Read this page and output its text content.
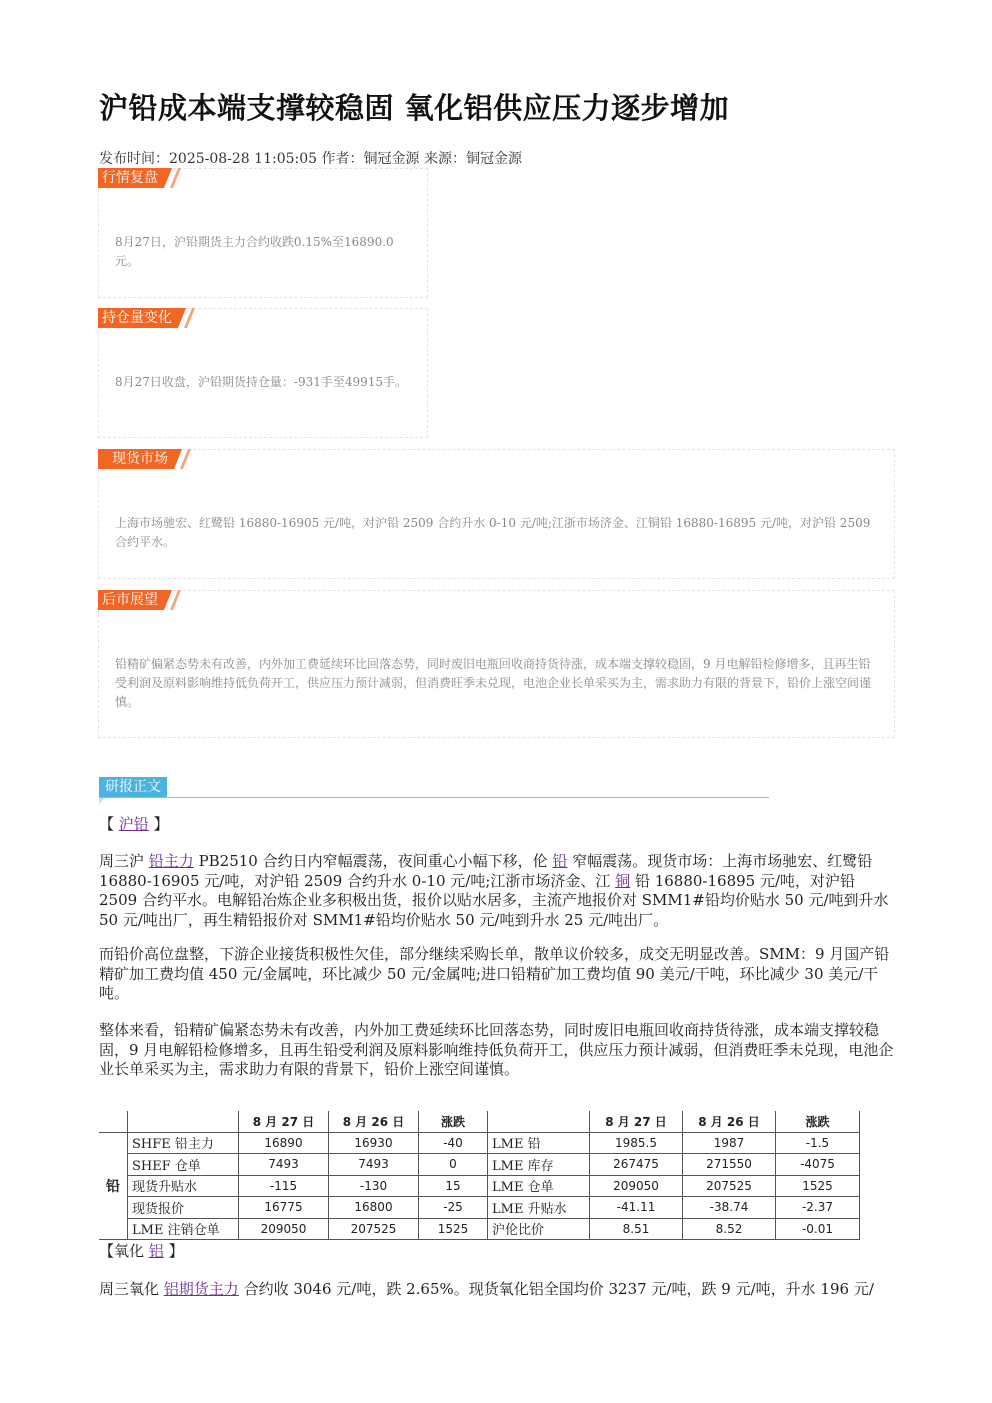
沪铅成本端支撑较稳固 氧化铝供应压力逐步增加
发布时间：2025-08-28 11:05:05 作者：铜冠金源 来源：铜冠金源
行情复盘
8月27日，沪铅期货主力合约收跌0.15%至16890.0元。
持仓量变化
8月27日收盘，沪铅期货持仓量：-931手至49915手。
现货市场
上海市场驰宏、红鹭铅 16880-16905 元/吨，对沪铅 2509 合约升水 0-10 元/吨;江浙市场济金、江铜铅 16880-16895 元/吨，对沪铅 2509 合约平水。
后市展望
铅精矿偏紧态势未有改善，内外加工费延续环比回落态势，同时废旧电瓶回收商持货待涨，成本端支撑较稳固，9 月电解铅检修增多，且再生铅受利润及原料影响维持低负荷开工，供应压力预计减弱，但消费旺季未兑现，电池企业长单采买为主，需求助力有限的背景下，铅价上涨空间谨慎。
研报正文
【 沪铅 】
周三沪 铅主力 PB2510 合约日内窄幅震荡，夜间重心小幅下移，伦 铅 窄幅震荡。现货市场：上海市场驰宏、红鹭铅 16880-16905 元/吨，对沪铅 2509 合约升水 0-10 元/吨;江浙市场济金、江 铜 铅 16880-16895 元/吨，对沪铅 2509 合约平水。电解铅冶炼企业多积极出货，报价以贴水居多，主流产地报价对 SMM1#铅均价贴水 50 元/吨到升水 50 元/吨出厂，再生精铅报价对 SMM1#铅均价贴水 50 元/吨到升水 25 元/吨出厂。
而铅价高位盘整，下游企业接货积极性欠佳，部分继续采购长单，散单议价较多，成交无明显改善。SMM：9 月国产铅精矿加工费均值 450 元/金属吨，环比减少 50 元/金属吨;进口铅精矿加工费均值 90 美元/干吨，环比减少 30 美元/干吨。
整体来看，铅精矿偏紧态势未有改善，内外加工费延续环比回落态势，同时废旧电瓶回收商持货待涨，成本端支撑较稳固，9 月电解铅检修增多，且再生铅受利润及原料影响维持低负荷开工，供应压力预计减弱，但消费旺季未兑现，电池企业长单采买为主，需求助力有限的背景下，铅价上涨空间谨慎。
		8 月 27 日	8 月 26 日	涨跌		8 月 27 日	8 月 26 日	涨跌
铅	SHFE 铅主力	16890	16930	-40	LME 铅	1985.5	1987	-1.5
	SHEF 仓单	7493	7493	0	LME 库存	267475	271550	-4075
	现货升贴水	-115	-130	15	LME 仓单	209050	207525	1525
	现货报价	16775	16800	-25	LME 升贴水	-41.11	-38.74	-2.37
	LME 注销仓单	209050	207525	1525	沪伦比价	8.51	8.52	-0.01
【氧化 铝 】
周三氧化 铝期货主力 合约收 3046 元/吨，跌 2.65%。现货氧化铝全国均价 3237 元/吨，跌 9 元/吨，升水 196 元/
